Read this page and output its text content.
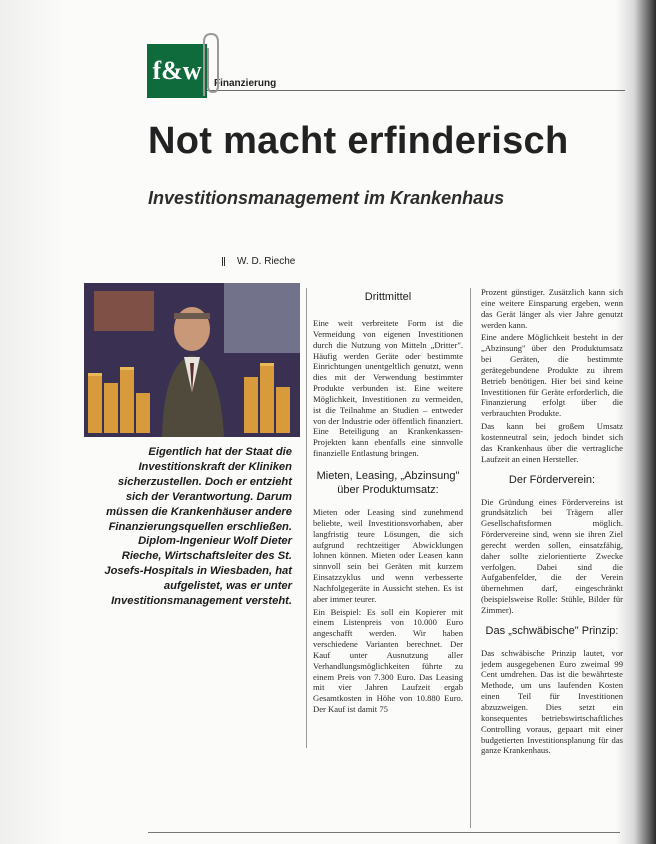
f&w	Finanzierung
Not macht erfinderisch
Investitionsmanagement im Krankenhaus
W. D. Rieche
Eigentlich hat der Staat die Investitionskraft der Kliniken sicherzustellen. Doch er entzieht sich der Verantwortung. Darum müssen die Krankenhäuser andere Finanzierungsquellen erschließen. Diplom-Ingenieur Wolf Dieter Rieche, Wirtschaftsleiter des St. Josefs-Hospitals in Wiesbaden, hat aufgelistet, was er unter Investitionsmanagement versteht.
Drittmittel

Eine weit verbreitete Form ist die Vermeidung von eigenen Investitionen durch die Nutzung von Mitteln „Dritter". Häufig werden Geräte oder bestimmte Einrichtungen unentgeltlich genutzt, wenn dies mit der Verwendung bestimmter Produkte verbunden ist. Eine weitere Möglichkeit, Investitionen zu vermeiden, ist die Teilnahme an Studien – entweder von der Industrie oder öffentlich finanziert. Eine Beteiligung an Krankenkassen-Projekten kann ebenfalls eine sinnvolle finanzielle Entlastung bringen.

Mieten, Leasing, „Abzinsung" über Produktumsatz:

Mieten oder Leasing sind zunehmend beliebte, weil Investitionsvorhaben, aber langfristig teure Lösungen, die sich aufgrund rechtzeitiger Abwicklungen lohnen können. Mieten oder Leasen kann sinnvoll sein bei Geräten mit kurzem Einsatzzyklus und wenn verbesserte Nachfolgegeräte in Aussicht stehen. Es ist aber immer teurer.

Ein Beispiel: Es soll ein Kopierer mit einem Listenpreis von 10.000 Euro angeschafft werden. Wir haben verschiedene Varianten berechnet. Der Kauf unter Ausnutzung aller Verhandlungsmöglichkeiten führte zu einem Preis von 7.300 Euro. Das Leasing mit vier Jahren Laufzeit ergab Gesamtkosten in Höhe von 10.880 Euro. Der Kauf ist damit 75

Prozent günstiger. Zusätzlich kann sich eine weitere Einsparung ergeben, wenn das Gerät länger als vier Jahre genutzt werden kann.

Eine andere Möglichkeit besteht in der „Abzinsung" über den Produktumsatz bei Geräten, die bestimmte gerätegebundene Produkte zu ihrem Betrieb benötigen. Hier bei sind keine Investitionen für Geräte erforderlich, die Finanzierung erfolgt über die verbrauchten Produkte.

Das kann bei großem Umsatz kostenneutral sein, jedoch bindet sich das Krankenhaus über die vertragliche Laufzeit an einen Hersteller.

Der Förderverein:

Die Gründung eines Fördervereins ist grundsätzlich bei Trägern aller Gesellschaftsformen möglich. Fördervereine sind, wenn sie ihren Ziel gerecht werden sollen, einsatzfähig, daher sollte zielorientierte Zwecke verfolgen. Dabei sind die Aufgabenfelder, die der Verein übernehmen darf, eingeschränkt (beispielsweise Rolle: Stühle, Bilder für Zimmer).

Das „schwäbische" Prinzip:

Das schwäbische Prinzip lautet, vor jedem ausgegebenen Euro zweimal 99 Cent umdrehen. Das ist die bewährteste Methode, um uns laufenden Kosten einen Teil für Investitionen abzuzweigen. Dies setzt ein konsequentes betriebswirtschaftliches Controlling voraus, gepaart mit einer budgetierten Investitionsplanung für das ganze Krankenhaus.
